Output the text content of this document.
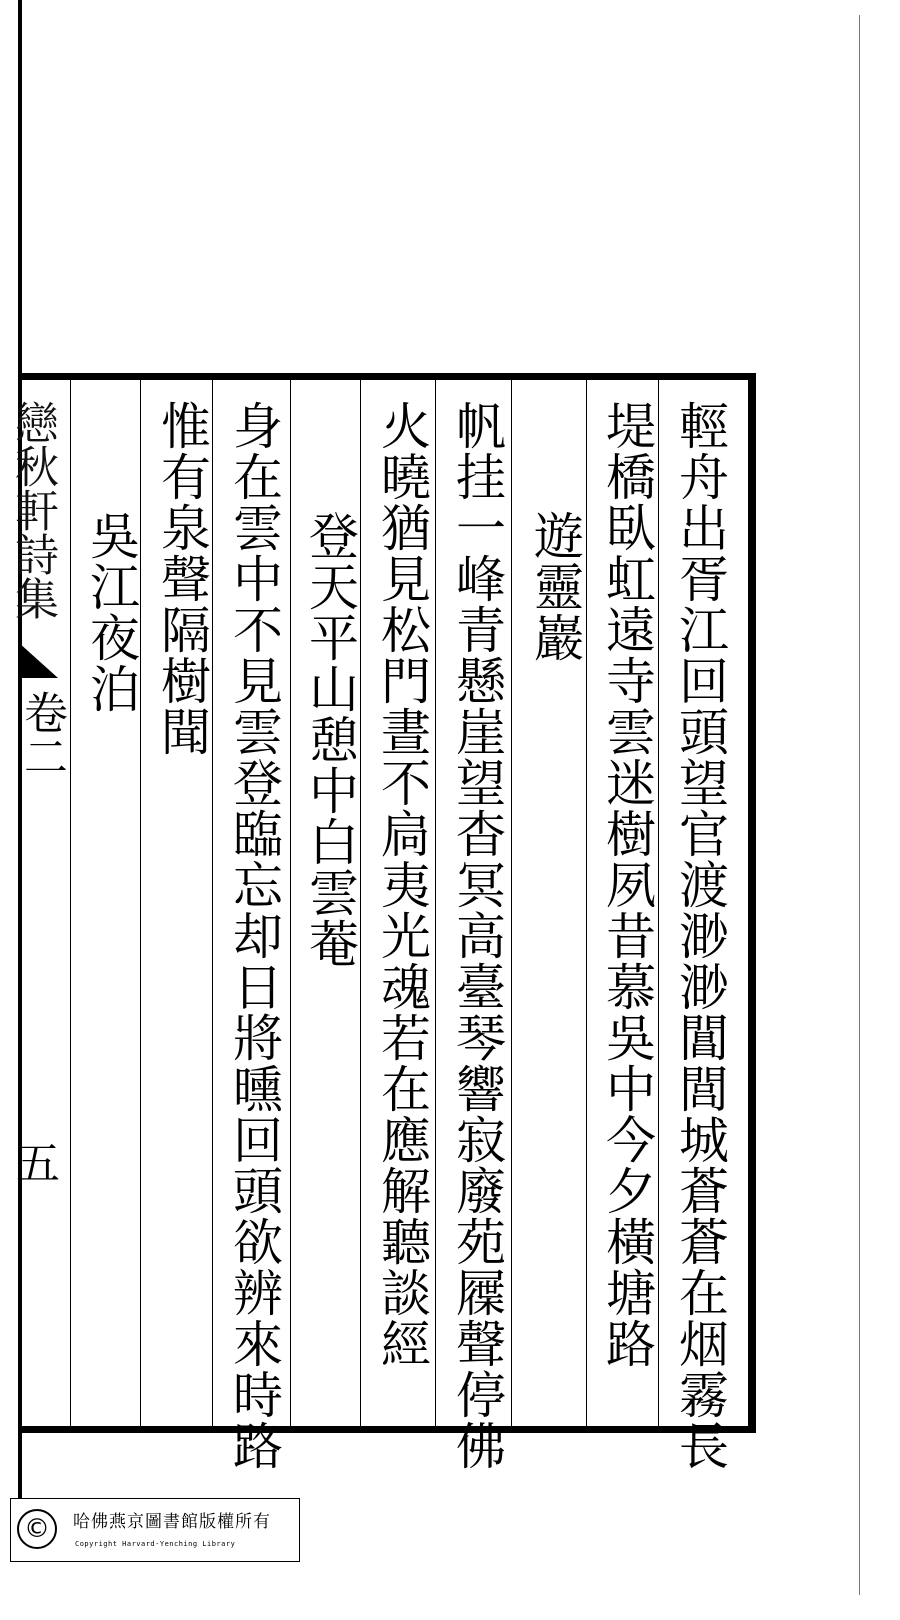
輕舟出胥江回頭望官渡渺渺閶閭城蒼蒼在烟霧長
堤橋臥虹遠寺雲迷樹夙昔慕吳中今夕橫塘路
遊靈巖
帆挂一峰青懸崖望杳冥高臺琴響寂廢苑屧聲停佛
火曉猶見松門晝不扃夷光魂若在應解聽談經
登天平山憩中白雲菴
身在雲中不見雲登臨忘却日將曛回頭欲辨來時路
惟有泉聲隔樹聞
吳江夜泊
戀秋軒詩集
卷二
五
©	哈佛燕京圖書館版權所有
Copyright Harvard-Yenching Library
